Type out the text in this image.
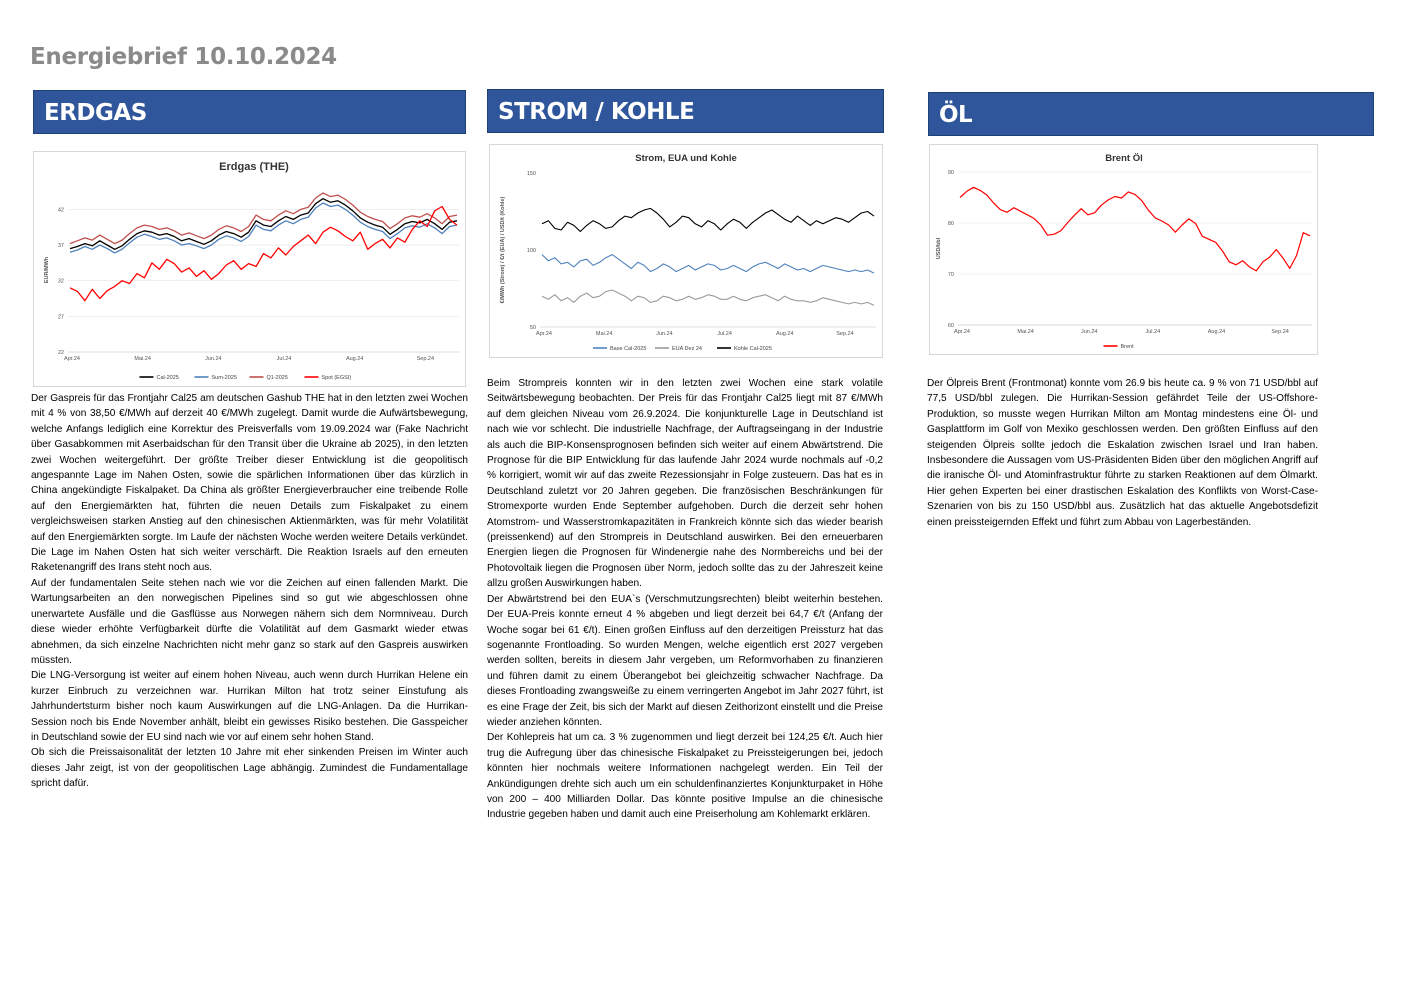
Energiebrief 10.10.2024
ERDGAS
Erdgas (THE)
22
27
32
37
42
Apr.24	Mai.24	Jun.24	Jul.24	Aug.24	Sep.24
EUR/MWh
Cal-2025	Sum-2025	Q1-2025	Spot (EGSI)

Der Gaspreis für das Frontjahr Cal25 am deutschen Gashub THE hat in den letzten zwei Wochen mit 4 % von 38,50 €/MWh auf derzeit 40 €/MWh zugelegt. Damit wurde die Aufwärtsbewegung, welche Anfangs lediglich eine Korrektur des Preisverfalls vom 19.09.2024 war (Fake Nachricht über Gasabkommen mit Aserbaidschan für den Transit über die Ukraine ab 2025), in den letzten zwei Wochen weitergeführt. Der größte Treiber dieser Entwicklung ist die geopolitisch angespannte Lage im Nahen Osten, sowie die spärlichen Informationen über das kürzlich in China angekündigte Fiskalpaket. Da China als größter Energieverbraucher eine treibende Rolle auf den Energiemärkten hat, führten die neuen Details zum Fiskalpaket zu einem vergleichsweisen starken Anstieg auf den chinesischen Aktienmärkten, was für mehr Volatilität auf den Energiemärkten sorgte. Im Laufe der nächsten Woche werden weitere Details verkündet. Die Lage im Nahen Osten hat sich weiter verschärft. Die Reaktion Israels auf den erneuten Raketenangriff des Irans steht noch aus.

Auf der fundamentalen Seite stehen nach wie vor die Zeichen auf einen fallenden Markt. Die Wartungsarbeiten an den norwegischen Pipelines sind so gut wie abgeschlossen ohne unerwartete Ausfälle und die Gasflüsse aus Norwegen nähern sich dem Normniveau. Durch diese wieder erhöhte Verfügbarkeit dürfte die Volatilität auf dem Gasmarkt wieder etwas abnehmen, da sich einzelne Nachrichten nicht mehr ganz so stark auf den Gaspreis auswirken müssten.

Die LNG-Versorgung ist weiter auf einem hohen Niveau, auch wenn durch Hurrikan Helene ein kurzer Einbruch zu verzeichnen war. Hurrikan Milton hat trotz seiner Einstufung als Jahrhundertsturm bisher noch kaum Auswirkungen auf die LNG-Anlagen. Da die Hurrikan-Session noch bis Ende November anhält, bleibt ein gewisses Risiko bestehen. Die Gasspeicher in Deutschland sowie der EU sind nach wie vor auf einem sehr hohen Stand.

Ob sich die Preissaisonalität der letzten 10 Jahre mit eher sinkenden Preisen im Winter auch dieses Jahr zeigt, ist von der geopolitischen Lage abhängig. Zumindest die Fundamentallage spricht dafür.

STROM / KOHLE
Strom, EUA und Kohle
50
100
150
Apr.24	Mai.24	Jun.24	Jul.24	Aug.24	Sep.24
€/MWh (Strom) / €/t (EUA) / USD/t (Kohle)
Base Cal-2025	EUA Dez 24	Kohle Cal-2025

Beim Strompreis konnten wir in den letzten zwei Wochen eine stark volatile Seitwärtsbewegung beobachten. Der Preis für das Frontjahr Cal25 liegt mit 87 €/MWh auf dem gleichen Niveau vom 26.9.2024. Die konjunkturelle Lage in Deutschland ist nach wie vor schlecht. Die industrielle Nachfrage, der Auftragseingang in der Industrie als auch die BIP-Konsensprognosen befinden sich weiter auf einem Abwärtstrend. Die Prognose für die BIP Entwicklung für das laufende Jahr 2024 wurde nochmals auf -0,2 % korrigiert, womit wir auf das zweite Rezessionsjahr in Folge zusteuern. Das hat es in Deutschland zuletzt vor 20 Jahren gegeben. Die französischen Beschränkungen für Stromexporte wurden Ende September aufgehoben. Durch die derzeit sehr hohen Atomstrom- und Wasserstromkapazitäten in Frankreich könnte sich das wieder bearish (preissenkend) auf den Strompreis in Deutschland auswirken. Bei den erneuerbaren Energien liegen die Prognosen für Windenergie nahe des Normbereichs und bei der Photovoltaik liegen die Prognosen über Norm, jedoch sollte das zu der Jahreszeit keine allzu großen Auswirkungen haben.

Der Abwärtstrend bei den EUA`s (Verschmutzungsrechten) bleibt weiterhin bestehen. Der EUA-Preis konnte erneut 4 % abgeben und liegt derzeit bei 64,7 €/t (Anfang der Woche sogar bei 61 €/t). Einen großen Einfluss auf den derzeitigen Preissturz hat das sogenannte Frontloading. So wurden Mengen, welche eigentlich erst 2027 vergeben werden sollten, bereits in diesem Jahr vergeben, um Reformvorhaben zu finanzieren und führen damit zu einem Überangebot bei gleichzeitig schwacher Nachfrage. Da dieses Frontloading zwangsweiße zu einem verringerten Angebot im Jahr 2027 führt, ist es eine Frage der Zeit, bis sich der Markt auf diesen Zeithorizont einstellt und die Preise wieder anziehen könnten.

Der Kohlepreis hat um ca. 3 % zugenommen und liegt derzeit bei 124,25 €/t. Auch hier trug die Aufregung über das chinesische Fiskalpaket zu Preissteigerungen bei, jedoch könnten hier nochmals weitere Informationen nachgelegt werden. Ein Teil der Ankündigungen drehte sich auch um ein schuldenfinanziertes Konjunkturpaket in Höhe von 200 – 400 Milliarden Dollar. Das könnte positive Impulse an die chinesische Industrie gegeben haben und damit auch eine Preiserholung am Kohlemarkt erklären.

ÖL
Brent Öl
60
70
80
90
Apr.24	Mai.24	Jun.24	Jul.24	Aug.24	Sep.24
USD/bbl
Brent

Der Ölpreis Brent (Frontmonat) konnte vom 26.9 bis heute ca. 9 % von 71 USD/bbl auf 77,5 USD/bbl zulegen. Die Hurrikan-Session gefährdet Teile der US-Offshore-Produktion, so musste wegen Hurrikan Milton am Montag mindestens eine Öl- und Gasplattform im Golf von Mexiko geschlossen werden. Den größten Einfluss auf den steigenden Ölpreis sollte jedoch die Eskalation zwischen Israel und Iran haben. Insbesondere die Aussagen vom US-Präsidenten Biden über den möglichen Angriff auf die iranische Öl- und Atominfrastruktur führte zu starken Reaktionen auf dem Ölmarkt. Hier gehen Experten bei einer drastischen Eskalation des Konflikts von Worst-Case-Szenarien von bis zu 150 USD/bbl aus. Zusätzlich hat das aktuelle Angebotsdefizit einen preissteigernden Effekt und führt zum Abbau von Lagerbeständen.
